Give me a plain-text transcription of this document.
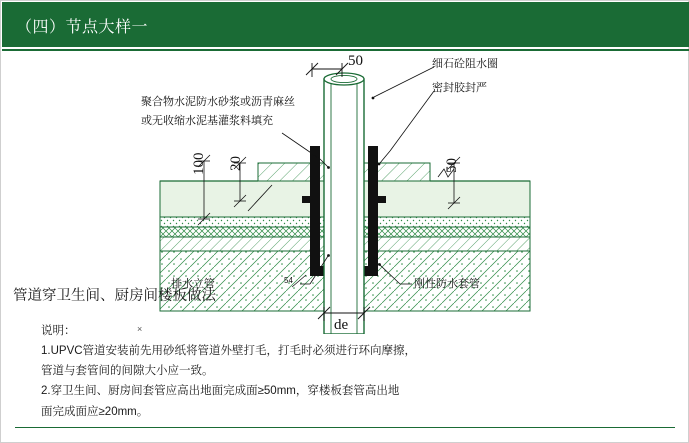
（四）节点大样一
50	细石砼阻水圈
密封胶封严
聚合物水泥防水砂浆或沥青麻丝
或无收缩水泥基灌浆料填充
100 20	50
54
排水立管	刚性防水套管
de
管道穿卫生间、厨房间楼板做法
说明：	×

1.UPVC管道安装前先用砂纸将管道外壁打毛，打毛时必须进行环向摩擦，

管道与套管间的间隙大小应一致。

2.穿卫生间、厨房间套管应高出地面完成面≥50mm，穿楼板套管高出地

面完成面应≥20mm。
